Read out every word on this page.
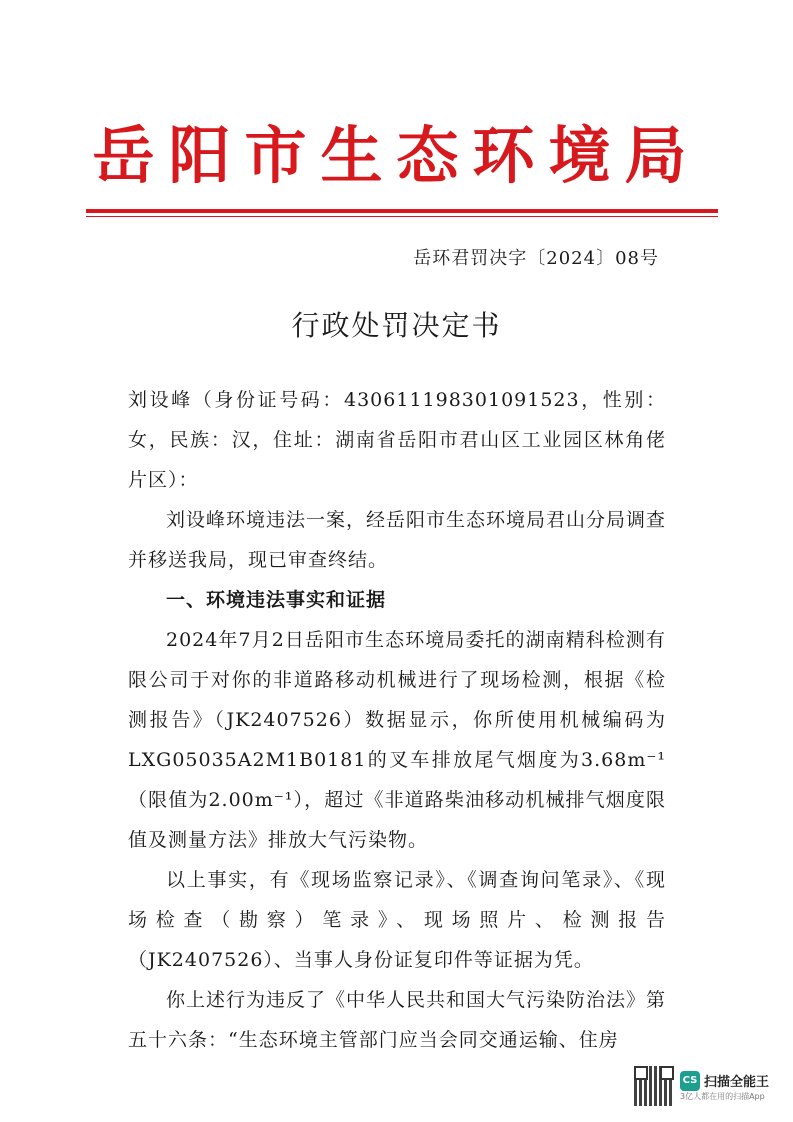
岳阳市生态环境局
岳环君罚决字〔2024〕08号
行政处罚决定书

刘设峰（身份证号码：430611198301091523，性别：女，民族：汉，住址：湖南省岳阳市君山区工业园区林角佬片区）：

刘设峰环境违法一案，经岳阳市生态环境局君山分局调查并移送我局，现已审查终结。

一、环境违法事实和证据

2024年7月2日岳阳市生态环境局委托的湖南精科检测有限公司于对你的非道路移动机械进行了现场检测，根据《检测报告》（JK2407526）数据显示，你所使用机械编码为LXG05035A2M1B0181的叉车排放尾气烟度为3.68m⁻¹（限值为2.00m⁻¹），超过《非道路柴油移动机械排气烟度限值及测量方法》排放大气污染物。

以上事实，有《现场监察记录》、《调查询问笔录》、《现场检查（勘察）笔录》、现场照片、检测报告（JK2407526）、当事人身份证复印件等证据为凭。

你上述行为违反了《中华人民共和国大气污染防治法》第五十六条：“生态环境主管部门应当会同交通运输、住房

CS 扫描全能王
3亿人都在用的扫描App
